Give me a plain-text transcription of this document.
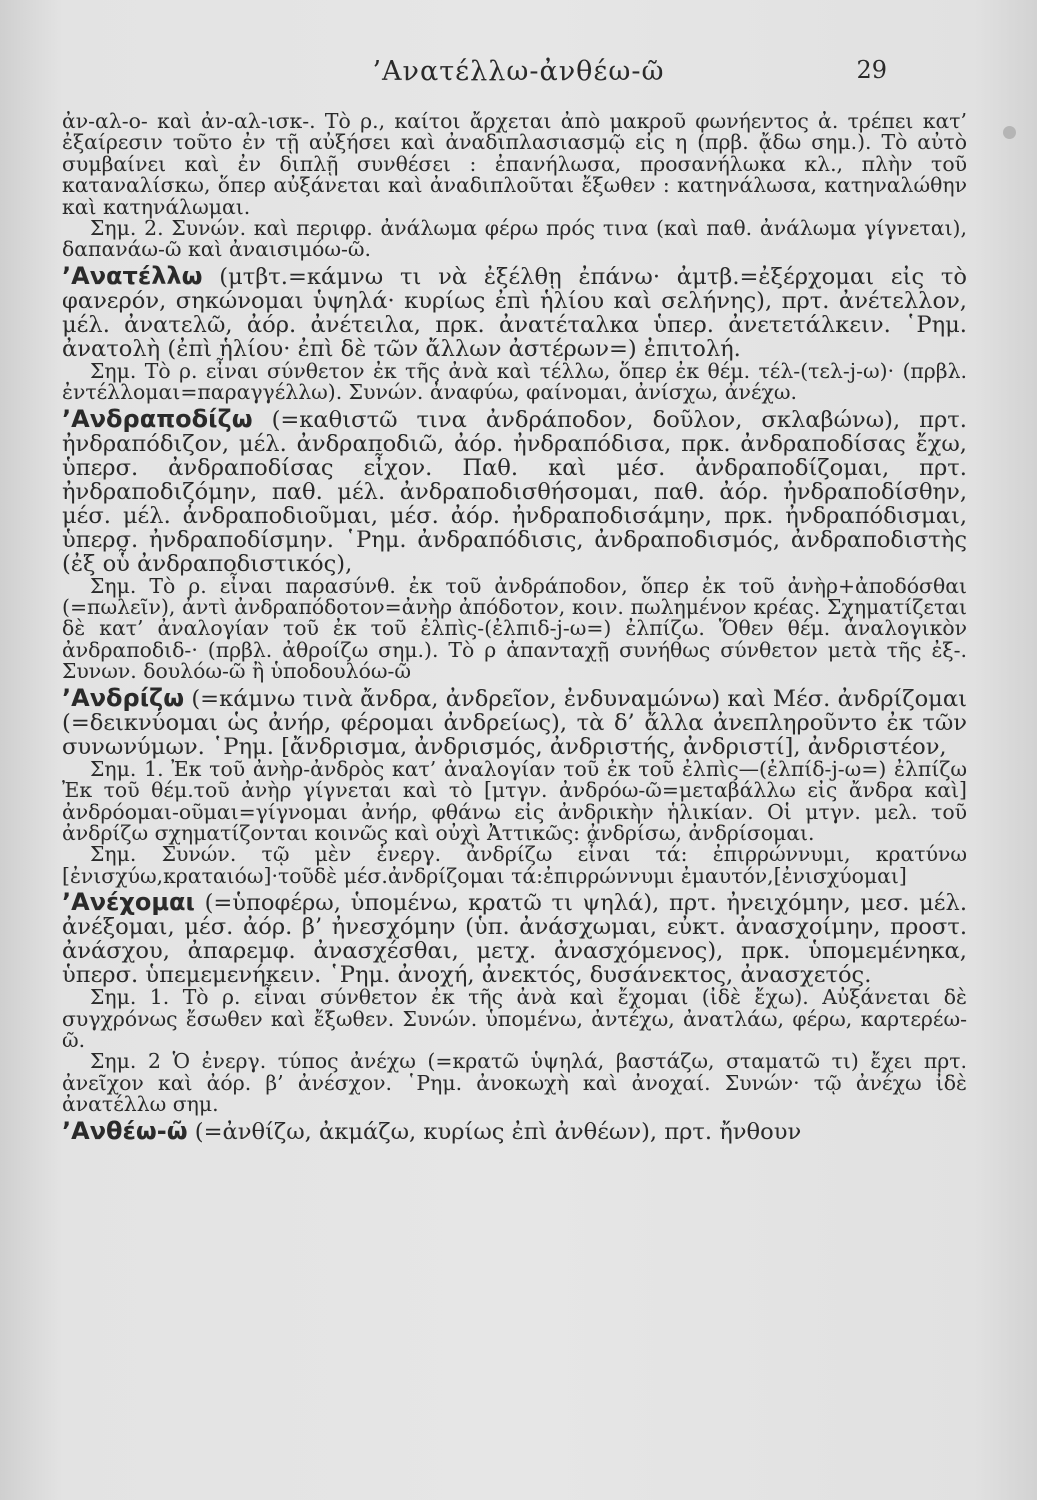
’Ανατέλλω-ἀνθέω-ῶ	29

ἀν-αλ-ο- καὶ ἀν-αλ-ισκ-. Τὸ ρ., καίτοι ἄρχεται ἀπὸ μακροῦ φωνήεντος ἀ. τρέπει κατ’ ἐξαίρεσιν τοῦτο ἐν τῇ αὐξήσει καὶ ἀναδιπλασιασμῷ εἰς η (πρβ. ᾄδω σημ.). Τὸ αὐτὸ συμβαίνει καὶ ἐν διπλῇ συνθέσει : ἐπανήλωσα, προσανήλωκα κλ., πλὴν τοῦ καταναλίσκω, ὅπερ αὐξάνεται καὶ ἀναδιπλοῦται ἔξωθεν : κατηνάλωσα, κατηναλώθην καὶ κατηνάλωμαι.

Σημ. 2. Συνών. καὶ περιφρ. ἀνάλωμα φέρω πρός τινα (καὶ παθ. ἀνάλωμα γίγνεται), δαπανάω-ῶ καὶ ἀναισιμόω-ῶ.

’Ανατέλλω (μτβτ.=κάμνω τι νὰ ἐξέλθῃ ἐπάνω· ἀμτβ.=ἐξέρχομαι εἰς τὸ φανερόν, σηκώνομαι ὑψηλά· κυρίως ἐπὶ ἡλίου καὶ σελήνης), πρτ. ἀνέτελλον, μέλ. ἀνατελῶ, ἀόρ. ἀνέτειλα, πρκ. ἀνατέταλκα ὑπερ. ἀνετετάλκειν. ῾Ρημ. ἀνατολὴ (ἐπὶ ἡλίου· ἐπὶ δὲ τῶν ἄλλων ἀστέρων=) ἐπιτολή.

Σημ. Τὸ ρ. εἶναι σύνθετον ἐκ τῆς ἀνὰ καὶ τέλλω, ὅπερ ἐκ θέμ. τέλ-(τελ-j-ω)· (πρβλ. ἐντέλλομαι=παραγγέλλω). Συνών. ἀναφύω, φαίνομαι, ἀνίσχω, ἀνέχω.

’Ανδραποδίζω (=καθιστῶ τινα ἀνδράποδον, δοῦλον, σκλαβώνω), πρτ. ἠνδραπόδιζον, μέλ. ἀνδραποδιῶ, ἀόρ. ἠνδραπόδισα, πρκ. ἀνδραποδίσας ἔχω, ὑπερσ. ἀνδραποδίσας εἶχον. Παθ. καὶ μέσ. ἀνδραποδίζομαι, πρτ. ἠνδραποδιζόμην, παθ. μέλ. ἀνδραποδισθήσομαι, παθ. ἀόρ. ἠνδραποδίσθην, μέσ. μέλ. ἀνδραποδιοῦμαι, μέσ. ἀόρ. ἠνδραποδισάμην, πρκ. ἠνδραπόδισμαι, ὑπερσ. ἠνδραποδίσμην. ῾Ρημ. ἀνδραπόδισις, ἀνδραποδισμός, ἀνδραποδιστὴς (ἐξ οὗ ἀνδραποδιστικός),

Σημ. Τὸ ρ. εἶναι παρασύνθ. ἐκ τοῦ ἀνδράποδον, ὅπερ ἐκ τοῦ ἀνὴρ+ἀποδόσθαι (=πωλεῖν), ἀντὶ ἀνδραπόδοτον=ἀνὴρ ἀπόδοτον, κοιν. πωλημένον κρέας. Σχηματίζεται δὲ κατ’ ἀναλογίαν τοῦ ἐκ τοῦ ἐλπὶς-(ἐλπιδ-j-ω=) ἐλπίζω. Ὅθεν θέμ. ἀναλογικὸν ἀνδραποδιδ-· (πρβλ. ἀθροίζω σημ.). Τὸ ρ ἁπανταχῇ συνήθως σύνθετον μετὰ τῆς ἐξ-. Συνων. δουλόω-ῶ ἢ ὑποδουλόω-ῶ

’Ανδρίζω (=κάμνω τινὰ ἄνδρα, ἀνδρεῖον, ἐνδυναμώνω) καὶ Μέσ. ἀνδρίζομαι (=δεικνύομαι ὡς ἀνήρ, φέρομαι ἀνδρείως), τὰ δ’ ἄλλα ἀνεπληροῦντο ἐκ τῶν συνωνύμων. ῾Ρημ. [ἄνδρισμα, ἀνδρισμός, ἀνδριστής, ἀνδριστί], ἀνδριστέον,

Σημ. 1. Ἐκ τοῦ ἀνὴρ-ἀνδρὸς κατ’ ἀναλογίαν τοῦ ἐκ τοῦ ἐλπὶς—(ἐλπίδ-j-ω=) ἐλπίζω Ἐκ τοῦ θέμ.τοῦ ἀνὴρ γίγνεται καὶ τὸ [μτγν. ἀνδρόω-ῶ=μεταβάλλω εἰς ἄνδρα καὶ] ἀνδρόομαι-οῦμαι=γίγνομαι ἀνήρ, φθάνω εἰς ἀνδρικὴν ἡλικίαν. Οἱ μτγν. μελ. τοῦ ἀνδρίζω σχηματίζονται κοινῶς καὶ οὐχὶ Ἀττικῶς: ἀνδρίσω, ἀνδρίσομαι.

Σημ. Συνών. τῷ μὲν ἐνεργ. ἀνδρίζω εἶναι τά: ἐπιρρώννυμι, κρατύνω [ἐνισχύω,κραταιόω]·τοῦδὲ μέσ.ἀνδρίζομαι τά:ἐπιρρώννυμι ἐμαυτόν,[ἐνισχύομαι]

’Ανέχομαι (=ὑποφέρω, ὑπομένω, κρατῶ τι ψηλά), πρτ. ἠνειχόμην, μεσ. μέλ. ἀνέξομαι, μέσ. ἀόρ. β’ ἠνεσχόμην (ὑπ. ἀνάσχωμαι, εὐκτ. ἀνασχοίμην, προστ. ἀνάσχου, ἀπαρεμφ. ἀνασχέσθαι, μετχ. ἀνασχόμενος), πρκ. ὑπομεμένηκα, ὑπερσ. ὑπεμεμενήκειν. ῾Ρημ. ἀνοχή, ἀνεκτός, δυσάνεκτος, ἀνασχετός.

Σημ. 1. Τὸ ρ. εἶναι σύνθετον ἐκ τῆς ἀνὰ καὶ ἔχομαι (ἰδὲ ἔχω). Αὐξάνεται δὲ συγχρόνως ἔσωθεν καὶ ἔξωθεν. Συνών. ὑπομένω, ἀντέχω, ἀνατλάω, φέρω, καρτερέω-ῶ.

Σημ. 2 Ὁ ἐνεργ. τύπος ἀνέχω (=κρατῶ ὑψηλά, βαστάζω, σταματῶ τι) ἔχει πρτ. ἀνεῖχον καὶ ἀόρ. β’ ἀνέσχον. ῾Ρημ. ἀνοκωχὴ καὶ ἀνοχαί. Συνών· τῷ ἀνέχω ἰδὲ ἀνατέλλω σημ.

’Ανθέω-ῶ (=ἀνθίζω, ἀκμάζω, κυρίως ἐπὶ ἀνθέων), πρτ. ἤνθουν
